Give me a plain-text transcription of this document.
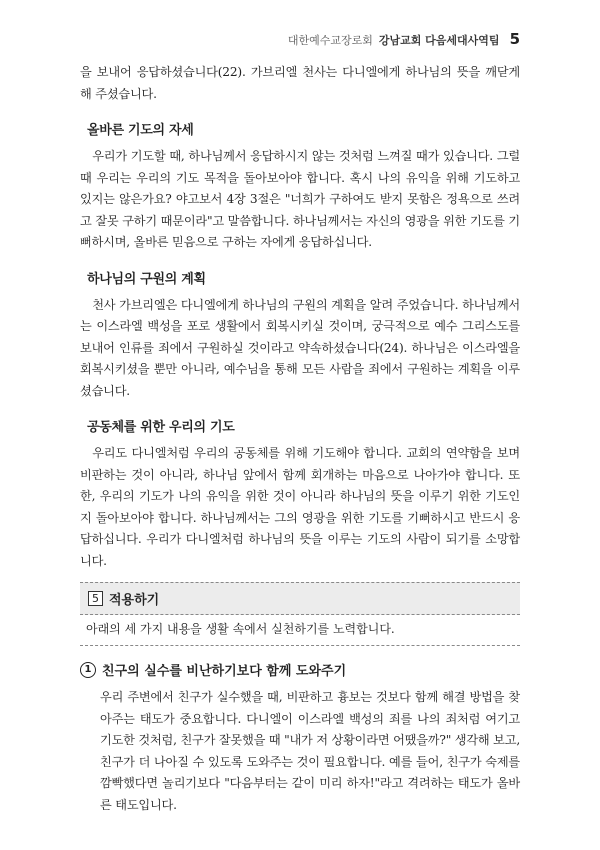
대한예수교장로회 강남교회 다음세대사역팀 5

을 보내어 응답하셨습니다(22). 가브리엘 천사는 다니엘에게 하나님의 뜻을 깨닫게 해 주셨습니다.

올바른 기도의 자세

우리가 기도할 때, 하나님께서 응답하시지 않는 것처럼 느껴질 때가 있습니다. 그럴 때 우리는 우리의 기도 목적을 돌아보아야 합니다. 혹시 나의 유익을 위해 기도하고 있지는 않은가요? 야고보서 4장 3절은 "너희가 구하여도 받지 못함은 정욕으로 쓰려고 잘못 구하기 때문이라"고 말씀합니다. 하나님께서는 자신의 영광을 위한 기도를 기뻐하시며, 올바른 믿음으로 구하는 자에게 응답하십니다.

하나님의 구원의 계획

천사 가브리엘은 다니엘에게 하나님의 구원의 계획을 알려 주었습니다. 하나님께서는 이스라엘 백성을 포로 생활에서 회복시키실 것이며, 궁극적으로 예수 그리스도를 보내어 인류를 죄에서 구원하실 것이라고 약속하셨습니다(24). 하나님은 이스라엘을 회복시키셨을 뿐만 아니라, 예수님을 통해 모든 사람을 죄에서 구원하는 계획을 이루셨습니다.

공동체를 위한 우리의 기도

우리도 다니엘처럼 우리의 공동체를 위해 기도해야 합니다. 교회의 연약함을 보며 비판하는 것이 아니라, 하나님 앞에서 함께 회개하는 마음으로 나아가야 합니다. 또한, 우리의 기도가 나의 유익을 위한 것이 아니라 하나님의 뜻을 이루기 위한 기도인지 돌아보아야 합니다. 하나님께서는 그의 영광을 위한 기도를 기뻐하시고 반드시 응답하십니다. 우리가 다니엘처럼 하나님의 뜻을 이루는 기도의 사람이 되기를 소망합니다.

5 적용하기
아래의 세 가지 내용을 생활 속에서 실천하기를 노력합니다.
1 친구의 실수를 비난하기보다 함께 도와주기

우리 주변에서 친구가 실수했을 때, 비판하고 흉보는 것보다 함께 해결 방법을 찾아주는 태도가 중요합니다. 다니엘이 이스라엘 백성의 죄를 나의 죄처럼 여기고 기도한 것처럼, 친구가 잘못했을 때 "내가 저 상황이라면 어땠을까?" 생각해 보고, 친구가 더 나아질 수 있도록 도와주는 것이 필요합니다. 예를 들어, 친구가 숙제를 깜빡했다면 놀리기보다 "다음부터는 같이 미리 하자!"라고 격려하는 태도가 올바른 태도입니다.
